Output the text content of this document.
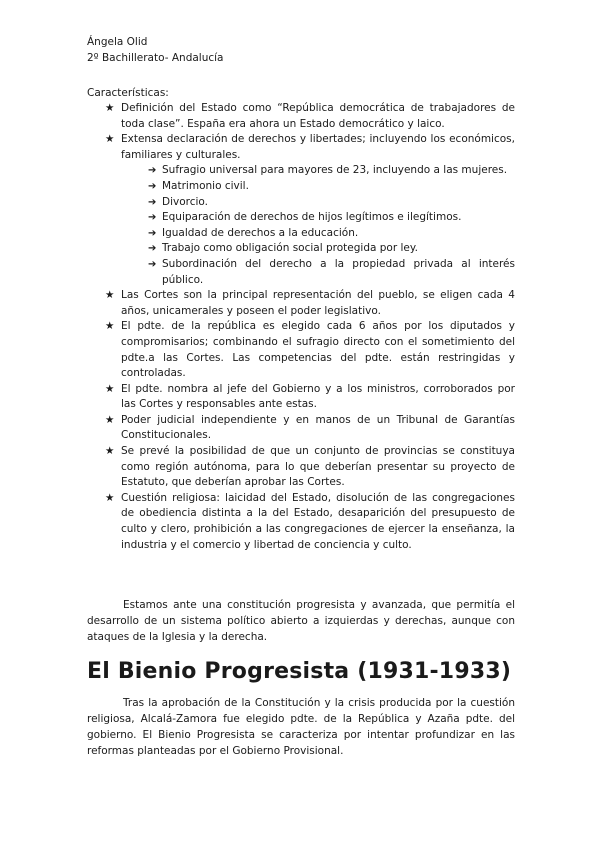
Ángela Olid
2º Bachillerato- Andalucía
Características:
★ Definición del Estado como “República democrática de trabajadores de toda clase”. España era ahora un Estado democrático y laico.
★ Extensa declaración de derechos y libertades; incluyendo los económicos, familiares y culturales.
➔ Sufragio universal para mayores de 23, incluyendo a las mujeres.
➔ Matrimonio civil.
➔ Divorcio.
➔ Equiparación de derechos de hijos legítimos e ilegítimos.
➔ Igualdad de derechos a la educación.
➔ Trabajo como obligación social protegida por ley.
➔ Subordinación del derecho a la propiedad privada al interés público.
★ Las Cortes son la principal representación del pueblo, se eligen cada 4 años, unicamerales y poseen el poder legislativo.
★ El pdte. de la república es elegido cada 6 años por los diputados y compromisarios; combinando el sufragio directo con el sometimiento del pdte.a las Cortes. Las competencias del pdte. están restringidas y controladas.
★ El pdte. nombra al jefe del Gobierno y a los ministros, corroborados por las Cortes y responsables ante estas.
★ Poder judicial independiente y en manos de un Tribunal de Garantías Constitucionales.
★ Se prevé la posibilidad de que un conjunto de provincias se constituya como región autónoma, para lo que deberían presentar su proyecto de Estatuto, que deberían aprobar las Cortes.
★ Cuestión religiosa: laicidad del Estado, disolución de las congregaciones de obediencia distinta a la del Estado, desaparición del presupuesto de culto y clero, prohibición a las congregaciones de ejercer la enseñanza, la industria y el comercio y libertad de conciencia y culto.

Estamos ante una constitución progresista y avanzada, que permitía el desarrollo de un sistema político abierto a izquierdas y derechas, aunque con ataques de la Iglesia y la derecha.

El Bienio Progresista (1931-1933)

Tras la aprobación de la Constitución y la crisis producida por la cuestión religiosa, Alcalá-Zamora fue elegido pdte. de la República y Azaña pdte. del gobierno. El Bienio Progresista se caracteriza por intentar profundizar en las reformas planteadas por el Gobierno Provisional.
